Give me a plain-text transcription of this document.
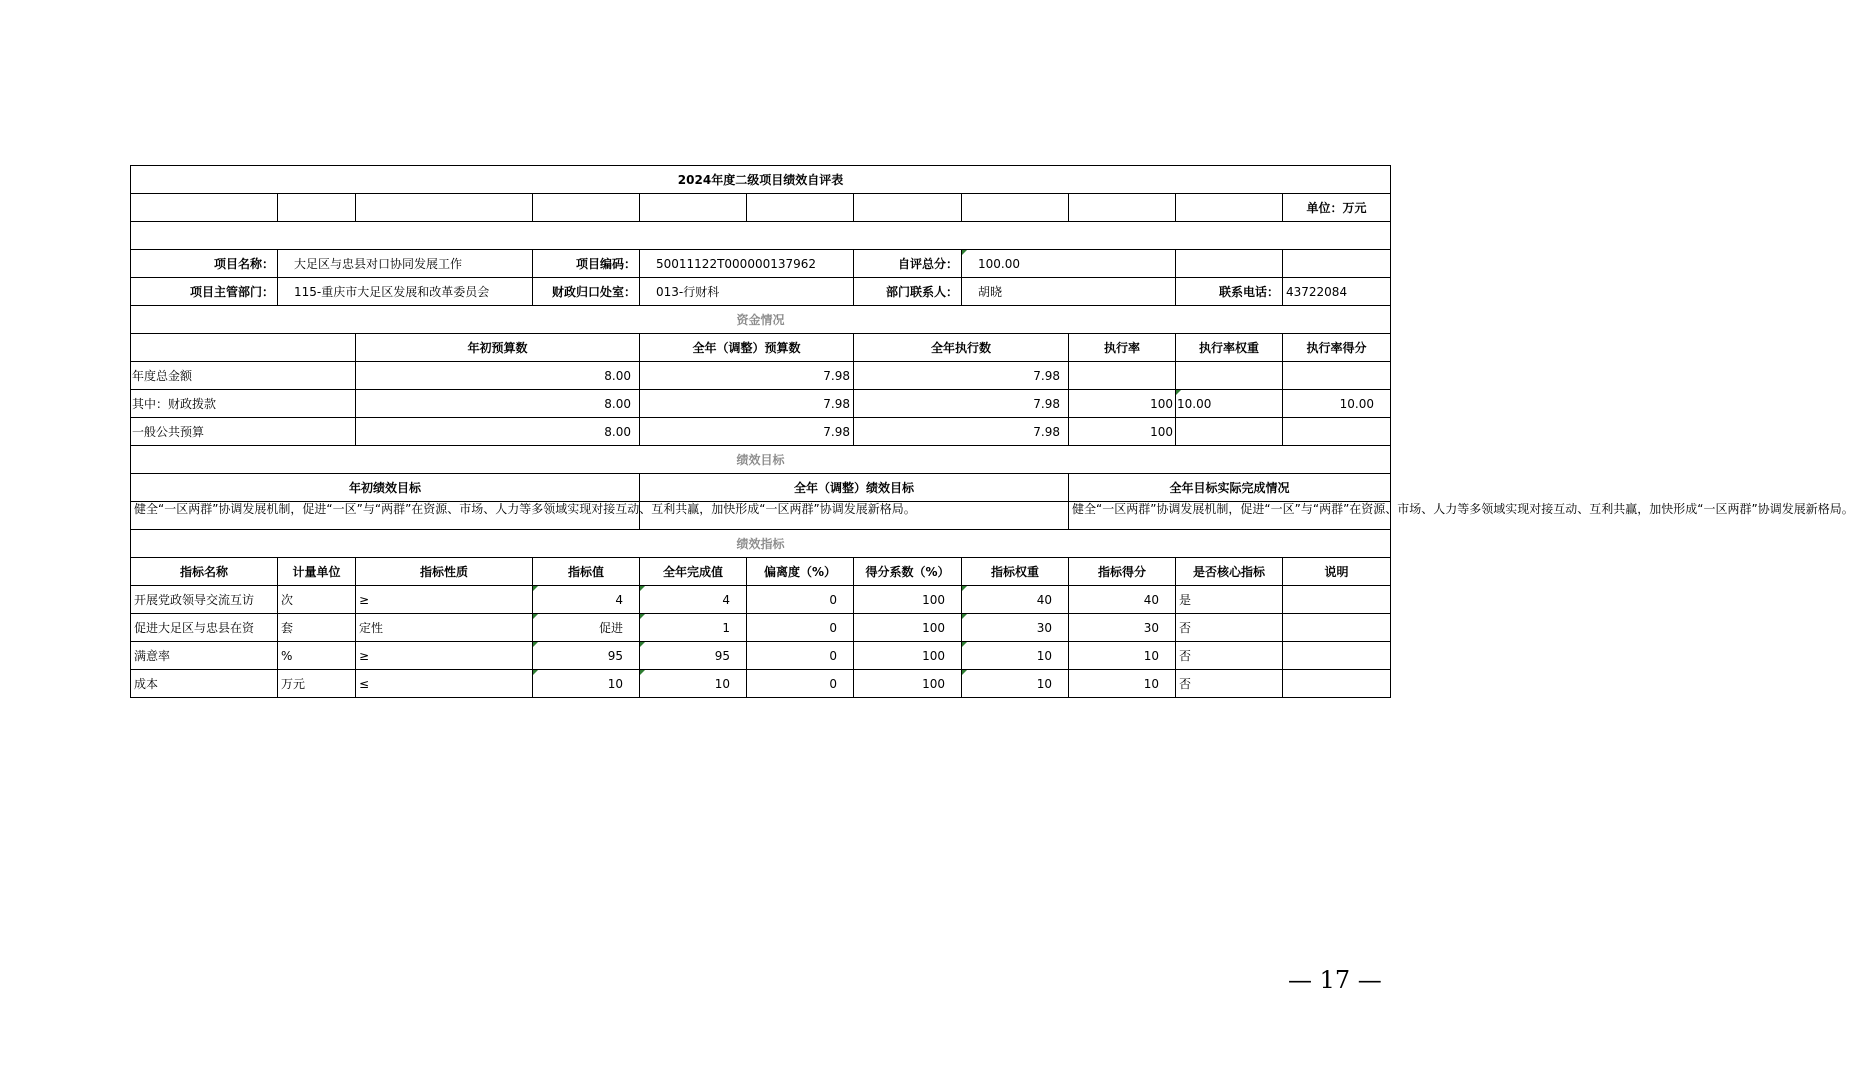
2024年度二级项目绩效自评表										
										单位：万元

项目名称：	大足区与忠县对口协同发展工作		项目编码：	50011122T000000137962		自评总分：	100.00			
项目主管部门：	115-重庆市大足区发展和改革委员会		财政归口处室：	013-行财科		部门联系人：	胡晓		联系电话：	43722084
资金情况										
		年初预算数		全年（调整）预算数		全年执行数		执行率	执行率权重	执行率得分
年度总金额		8.00		7.98		7.98				
其中：财政拨款		8.00		7.98		7.98		100	10.00	10.00
一般公共预算		8.00		7.98		7.98		100		
绩效目标										
年初绩效目标				全年（调整）绩效目标				全年目标实际完成情况		
健全“一区两群”协调发展机制，促进“一区”与“两群”在资源、市场、人力等多领域实现对接互动、互利共赢，加快形成“一区两群”协调发展新格局。								健全“一区两群”协调发展机制，促进“一区”与“两群”在资源、市场、人力等多领域实现对接互动、互利共赢，加快形成“一区两群”协调发展新格局。		
绩效指标										
指标名称	计量单位	指标性质	指标值	全年完成值	偏离度（%）	得分系数（%）	指标权重	指标得分	是否核心指标	说明
开展党政领导交流互访	次	≥	4	4	0	100	40	40	是	
促进大足区与忠县在资	套	定性	促进	1	0	100	30	30	否	
满意率	%	≥	95	95	0	100	10	10	否	
成本	万元	≤	10	10	0	100	10	10	否	
— 17 —
